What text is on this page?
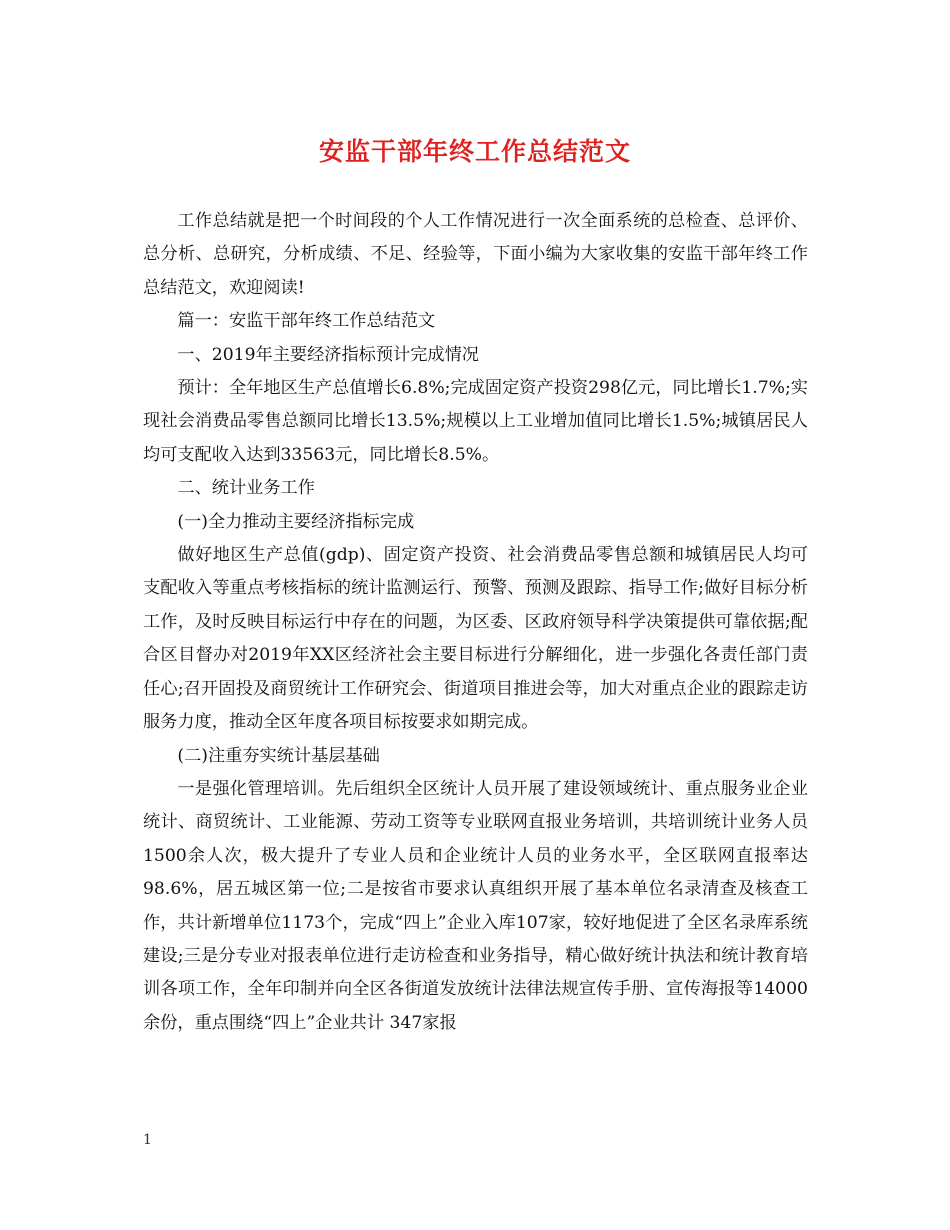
安监干部年终工作总结范文

工作总结就是把一个时间段的个人工作情况进行一次全面系统的总检查、总评价、总分析、总研究，分析成绩、不足、经验等，下面小编为大家收集的安监干部年终工作总结范文，欢迎阅读!

篇一：安监干部年终工作总结范文

一、2019年主要经济指标预计完成情况

预计：全年地区生产总值增长6.8%;完成固定资产投资298亿元，同比增长1.7%;实现社会消费品零售总额同比增长13.5%;规模以上工业增加值同比增长1.5%;城镇居民人均可支配收入达到33563元，同比增长8.5%。

二、统计业务工作

(一)全力推动主要经济指标完成

做好地区生产总值(gdp)、固定资产投资、社会消费品零售总额和城镇居民人均可支配收入等重点考核指标的统计监测运行、预警、预测及跟踪、指导工作;做好目标分析工作，及时反映目标运行中存在的问题，为区委、区政府领导科学决策提供可靠依据;配合区目督办对2019年XX区经济社会主要目标进行分解细化，进一步强化各责任部门责任心;召开固投及商贸统计工作研究会、街道项目推进会等，加大对重点企业的跟踪走访服务力度，推动全区年度各项目标按要求如期完成。

(二)注重夯实统计基层基础

一是强化管理培训。先后组织全区统计人员开展了建设领域统计、重点服务业企业统计、商贸统计、工业能源、劳动工资等专业联网直报业务培训，共培训统计业务人员1500余人次，极大提升了专业人员和企业统计人员的业务水平，全区联网直报率达98.6%，居五城区第一位;二是按省市要求认真组织开展了基本单位名录清查及核查工作，共计新增单位1173个，完成“四上”企业入库107家，较好地促进了全区名录库系统建设;三是分专业对报表单位进行走访检查和业务指导，精心做好统计执法和统计教育培训各项工作，全年印制并向全区各街道发放统计法律法规宣传手册、宣传海报等14000余份，重点围绕“四上”企业共计 347家报

1
